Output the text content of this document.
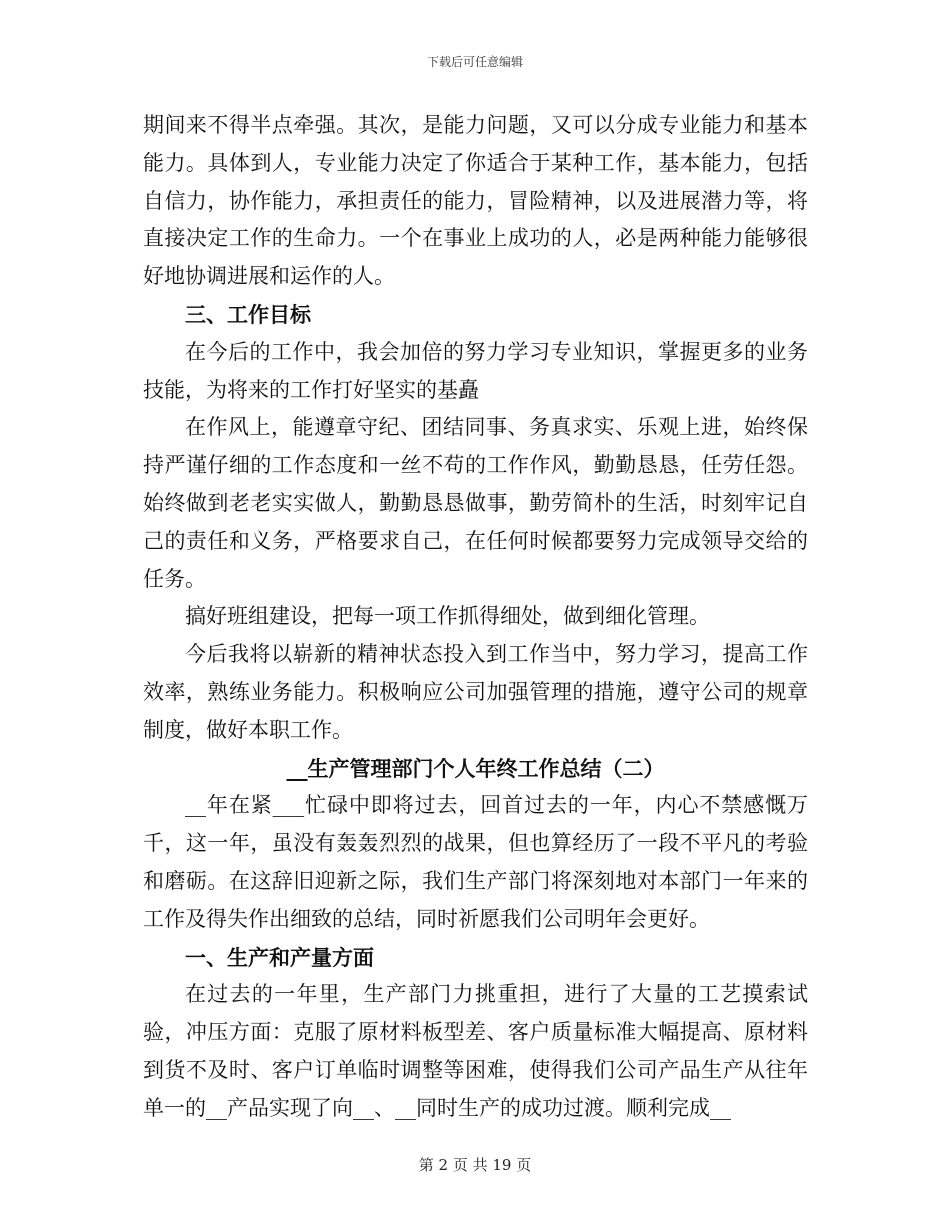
下载后可任意编辑

期间来不得半点牵强。其次，是能力问题，又可以分成专业能力和基本能力。具体到人，专业能力决定了你适合于某种工作，基本能力，包括自信力，协作能力，承担责任的能力，冒险精神，以及进展潜力等，将直接决定工作的生命力。一个在事业上成功的人，必是两种能力能够很好地协调进展和运作的人。

三、工作目标

在今后的工作中，我会加倍的努力学习专业知识，掌握更多的业务技能，为将来的工作打好坚实的基矗

在作风上，能遵章守纪、团结同事、务真求实、乐观上进，始终保持严谨仔细的工作态度和一丝不苟的工作作风，勤勤恳恳，任劳任怨。始终做到老老实实做人，勤勤恳恳做事，勤劳简朴的生活，时刻牢记自己的责任和义务，严格要求自己，在任何时候都要努力完成领导交给的任务。

搞好班组建设，把每一项工作抓得细处，做到细化管理。

今后我将以崭新的精神状态投入到工作当中，努力学习，提高工作效率，熟练业务能力。积极响应公司加强管理的措施，遵守公司的规章制度，做好本职工作。

__生产管理部门个人年终工作总结（二）

__年在紧___忙碌中即将过去，回首过去的一年，内心不禁感慨万千，这一年，虽没有轰轰烈烈的战果，但也算经历了一段不平凡的考验和磨砺。在这辞旧迎新之际，我们生产部门将深刻地对本部门一年来的工作及得失作出细致的总结，同时祈愿我们公司明年会更好。

一、生产和产量方面

在过去的一年里，生产部门力挑重担，进行了大量的工艺摸索试验，冲压方面：克服了原材料板型差、客户质量标准大幅提高、原材料到货不及时、客户订单临时调整等困难，使得我们公司产品生产从往年单一的__产品实现了向__、__同时生产的成功过渡。顺利完成__

第 2 页 共 19 页
